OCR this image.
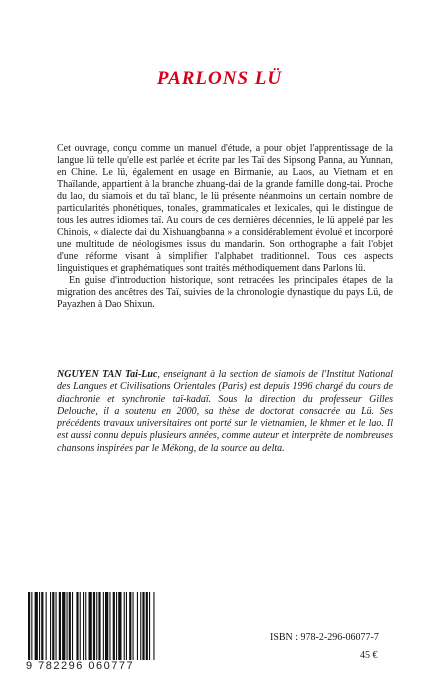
PARLONS LÜ

Cet ouvrage, conçu comme un manuel d'étude, a pour objet l'apprentissage de la langue lü telle qu'elle est parlée et écrite par les Taï des Sipsong Panna, au Yunnan, en Chine. Le lü, également en usage en Birmanie, au Laos, au Vietnam et en Thaïlande, appartient à la branche zhuang-dai de la grande famille dong-tai. Proche du lao, du siamois et du taï blanc, le lü présente néanmoins un certain nombre de particularités phonétiques, tonales, grammaticales et lexicales, qui le distingue de tous les autres idiomes taï. Au cours de ces dernières décennies, le lü appelé par les Chinois, « dialecte dai du Xishuangbanna » a considérablement évolué et incorporé une multitude de néologismes issus du mandarin. Son orthographe a fait l'objet d'une réforme visant à simplifier l'alphabet traditionnel. Tous ces aspects linguistiques et graphématiques sont traités méthodiquement dans Parlons lü.

En guise d'introduction historique, sont retracées les principales étapes de la migration des ancêtres des Taï, suivies de la chronologie dynastique du pays Lü, de Payazhen à Dao Shixun.

NGUYEN TAN Tai-Luc, enseignant à la section de siamois de l'Institut National des Langues et Civilisations Orientales (Paris) est depuis 1996 chargé du cours de diachronie et synchronie taï-kadaï. Sous la direction du professeur Gilles Delouche, il a soutenu en 2000, sa thèse de doctorat consacrée au Lü. Ses précédents travaux universitaires ont porté sur le vietnamien, le khmer et le lao. Il est aussi connu depuis plusieurs années, comme auteur et interprète de nombreuses chansons inspirées par le Mékong, de la source au delta.
9 782296 060777
ISBN : 978-2-296-06077-7
45 €
